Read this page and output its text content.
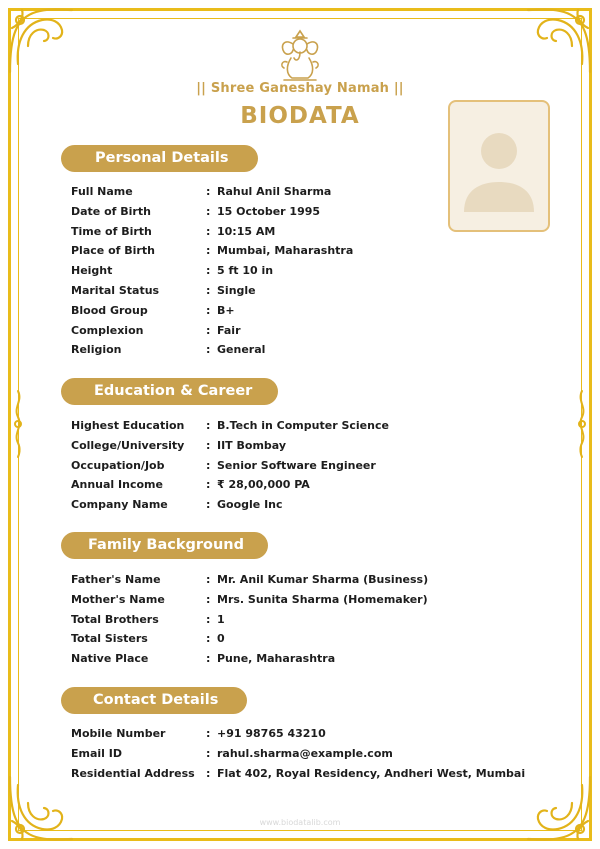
|| Shree Ganeshay Namah ||
BIODATA
Personal Details
Full Name	: Rahul Anil Sharma
Date of Birth	: 15 October 1995
Time of Birth	: 10:15 AM
Place of Birth	: Mumbai, Maharashtra
Height	: 5 ft 10 in
Marital Status	: Single
Blood Group	: B+
Complexion	: Fair
Religion	: General
Education & Career
Highest Education : B.Tech in Computer Science
College/University : IIT Bombay
Occupation/Job	: Senior Software Engineer
Annual Income	: ₹ 28,00,000 PA
Company Name	: Google Inc
Family Background
Father's Name	: Mr. Anil Kumar Sharma (Business)
Mother's Name	: Mrs. Sunita Sharma (Homemaker)
Total Brothers	: 1
Total Sisters	: 0
Native Place	: Pune, Maharashtra
Contact Details
Mobile Number	: +91 98765 43210
Email ID	: rahul.sharma@example.com
Residential Address : Flat 402, Royal Residency, Andheri West, Mumbai
www.biodatalib.com
